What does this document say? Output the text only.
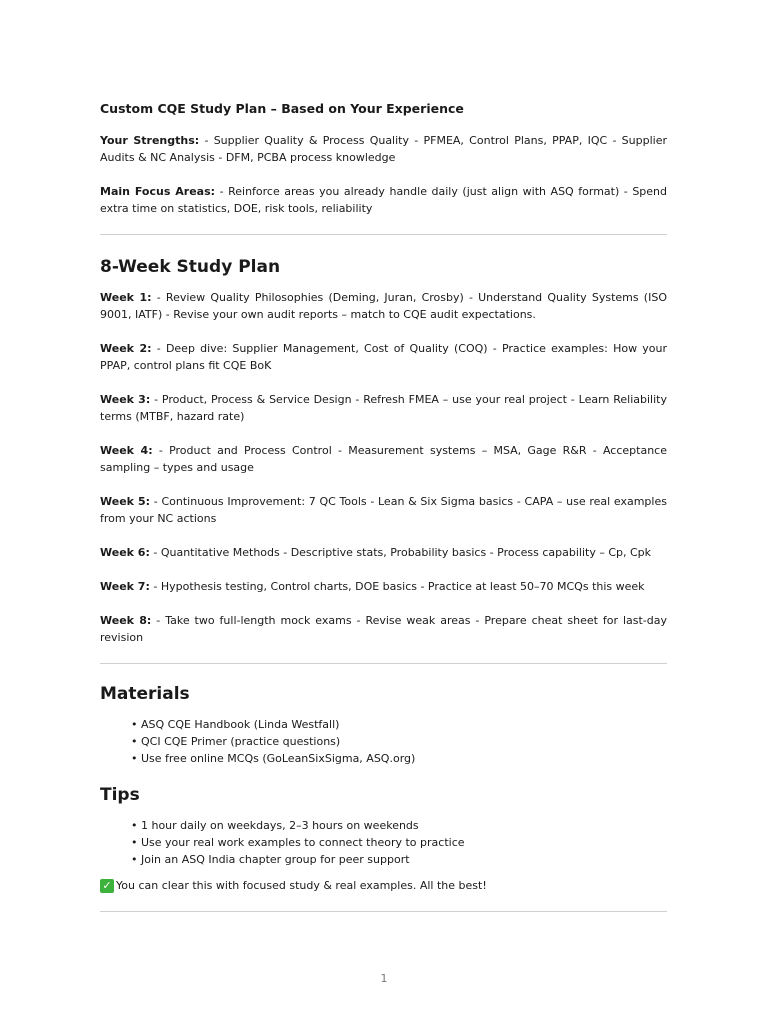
Custom CQE Study Plan – Based on Your Experience

Your Strengths: - Supplier Quality & Process Quality - PFMEA, Control Plans, PPAP, IQC - Supplier Audits & NC Analysis - DFM, PCBA process knowledge

Main Focus Areas: - Reinforce areas you already handle daily (just align with ASQ format) - Spend extra time on statistics, DOE, risk tools, reliability

8-Week Study Plan

Week 1: - Review Quality Philosophies (Deming, Juran, Crosby) - Understand Quality Systems (ISO 9001, IATF) - Revise your own audit reports – match to CQE audit expectations.

Week 2: - Deep dive: Supplier Management, Cost of Quality (COQ) - Practice examples: How your PPAP, control plans fit CQE BoK

Week 3: - Product, Process & Service Design - Refresh FMEA – use your real project - Learn Reliability terms (MTBF, hazard rate)

Week 4: - Product and Process Control - Measurement systems – MSA, Gage R&R - Acceptance sampling – types and usage

Week 5: - Continuous Improvement: 7 QC Tools - Lean & Six Sigma basics - CAPA – use real examples from your NC actions

Week 6: - Quantitative Methods - Descriptive stats, Probability basics - Process capability – Cp, Cpk

Week 7: - Hypothesis testing, Control charts, DOE basics - Practice at least 50–70 MCQs this week

Week 8: - Take two full-length mock exams - Revise weak areas - Prepare cheat sheet for last-day revision

Materials
• ASQ CQE Handbook (Linda Westfall)
• QCI CQE Primer (practice questions)
• Use free online MCQs (GoLeanSixSigma, ASQ.org)
Tips
• 1 hour daily on weekdays, 2–3 hours on weekends
• Use your real work examples to connect theory to practice
• Join an ASQ India chapter group for peer support
✓ You can clear this with focused study & real examples. All the best!
1
